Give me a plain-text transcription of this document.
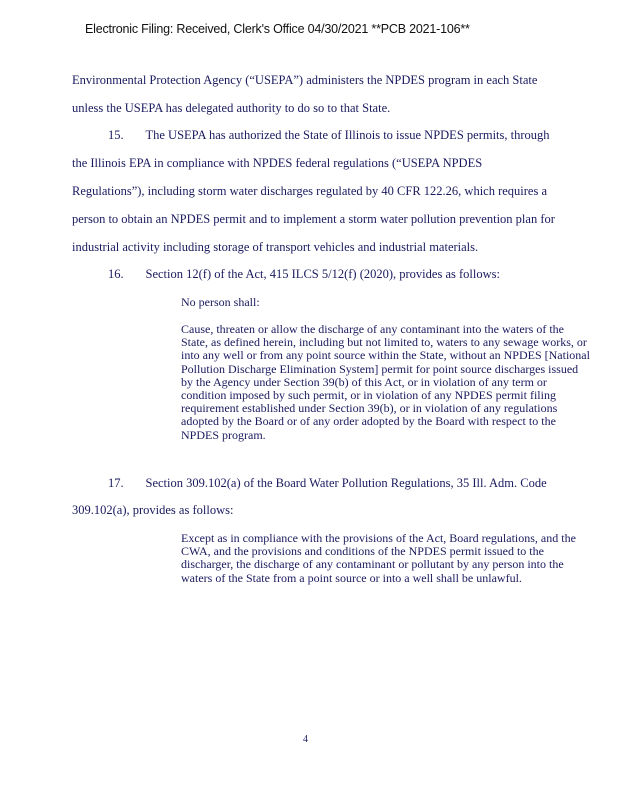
Electronic Filing: Received, Clerk's Office 04/30/2021 **PCB 2021-106**
Environmental Protection Agency (“USEPA”) administers the NPDES program in each State
unless the USEPA has delegated authority to do so to that State.
15.       The USEPA has authorized the State of Illinois to issue NPDES permits, through
the Illinois EPA in compliance with NPDES federal regulations (“USEPA NPDES
Regulations”), including storm water discharges regulated by 40 CFR 122.26, which requires a
person to obtain an NPDES permit and to implement a storm water pollution prevention plan for
industrial activity including storage of transport vehicles and industrial materials.
16.       Section 12(f) of the Act, 415 ILCS 5/12(f) (2020), provides as follows:
No person shall:
Cause, threaten or allow the discharge of any contaminant into the waters of the State, as defined herein, including but not limited to, waters to any sewage works, or into any well or from any point source within the State, without an NPDES [National Pollution Discharge Elimination System] permit for point source discharges issued by the Agency under Section 39(b) of this Act, or in violation of any term or condition imposed by such permit, or in violation of any NPDES permit filing requirement established under Section 39(b), or in violation of any regulations adopted by the Board or of any order adopted by the Board with respect to the NPDES program.
17.       Section 309.102(a) of the Board Water Pollution Regulations, 35 Ill. Adm. Code
309.102(a), provides as follows:
Except as in compliance with the provisions of the Act, Board regulations, and the CWA, and the provisions and conditions of the NPDES permit issued to the discharger, the discharge of any contaminant or pollutant by any person into the waters of the State from a point source or into a well shall be unlawful.
4
